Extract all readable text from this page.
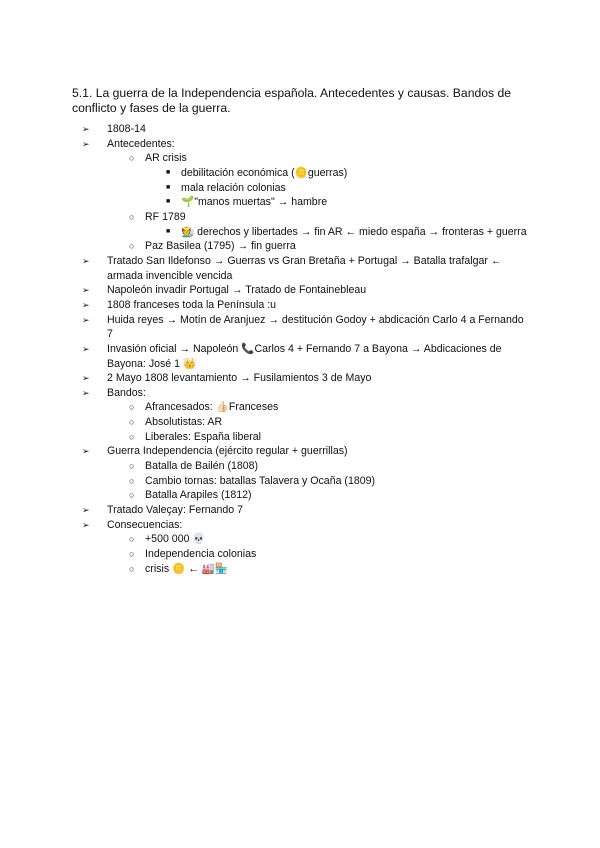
5.1. La guerra de la Independencia española. Antecedentes y causas. Bandos de conflicto y fases de la guerra.
➢ 1808-14
➢ Antecedentes:
○ AR crisis
■ debilitación económica (🪙guerras)
■ mala relación colonias
■ 🌱"manos muertas" → hambre
○ RF 1789
■ 🧑‍🌾 derechos y libertades → fin AR ← miedo españa → fronteras + guerra
○ Paz Basilea (1795) → fin guerra
➢ Tratado San Ildefonso → Guerras vs Gran Bretaña + Portugal → Batalla trafalgar ← armada invencible vencida
➢ Napoleón invadir Portugal → Tratado de Fontainebleau
➢ 1808 franceses toda la Península :u
➢ Huida reyes → Motín de Aranjuez → destitución Godoy + abdicación Carlo 4 a Fernando 7
➢ Invasión oficial → Napoleón 📞Carlos 4 + Fernando 7 a Bayona → Abdicaciones de Bayona: José 1 👑
➢ 2 Mayo 1808 levantamiento → Fusilamientos 3 de Mayo
➢ Bandos:
○ Afrancesados: 👍🏻Franceses
○ Absolutistas: AR
○ Liberales: España liberal
➢ Guerra Independencia (ejército regular + guerrillas)
○ Batalla de Bailén (1808)
○ Cambio tornas: batallas Talavera y Ocaña (1809)
○ Batalla Arapiles (1812)
➢ Tratado Valeçay: Fernando 7
➢ Consecuencias:
○ +500 000 💀
○ Independencia colonias
○ crisis 🪙 ← 🏭🏪
